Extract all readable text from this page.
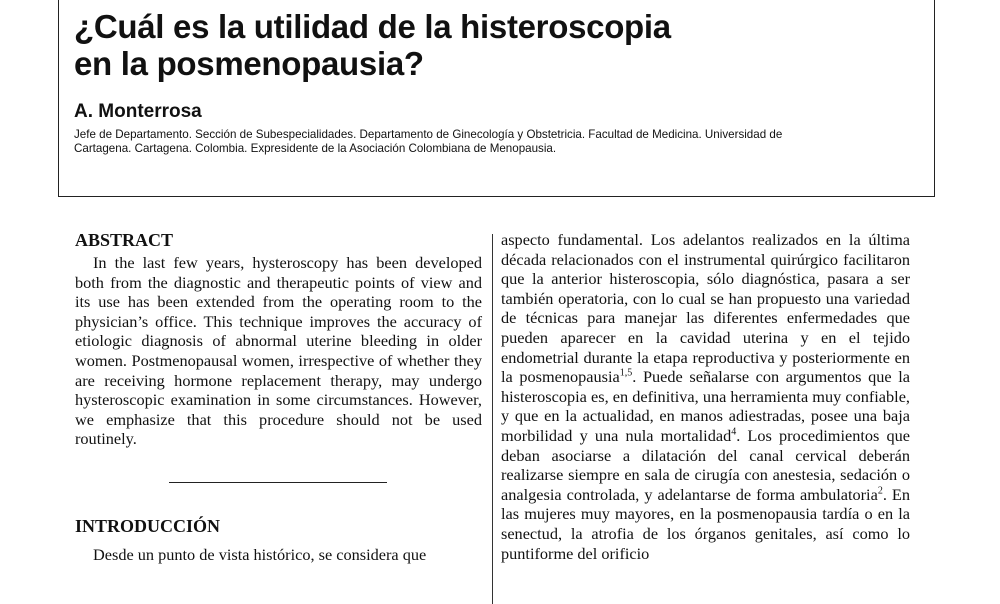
¿Cuál es la utilidad de la histeroscopia
en la posmenopausia?

A. Monterrosa

Jefe de Departamento. Sección de Subespecialidades. Departamento de Ginecología y Obstetricia. Facultad de Medicina. Universidad de
Cartagena. Cartagena. Colombia. Expresidente de la Asociación Colombiana de Menopausia.

ABSTRACT

In the last few years, hysteroscopy has been developed both from the diagnostic and therapeutic points of view and its use has been extended from the operating room to the physician’s office. This technique improves the accuracy of etiologic diagnosis of abnormal uterine bleeding in older women. Postmenopausal women, irrespective of whether they are receiving hormone replacement therapy, may undergo hysteroscopic examination in some circumstances. However, we emphasize that this procedure should not be used routinely.

INTRODUCCIÓN

Desde un punto de vista histórico, se considera que

aspecto fundamental. Los adelantos realizados en la última década relacionados con el instrumental quirúrgico facilitaron que la anterior histeroscopia, sólo diagnóstica, pasara a ser también operatoria, con lo cual se han propuesto una variedad de técnicas para manejar las diferentes enfermedades que pueden aparecer en la cavidad uterina y en el tejido endometrial durante la etapa reproductiva y posteriormente en la posmenopausia$^{1,5}$. Puede señalarse con argumentos que la histeroscopia es, en definitiva, una herramienta muy confiable, y que en la actualidad, en manos adiestradas, posee una baja morbilidad y una nula mortalidad$^4$. Los procedimientos que deban asociarse a dilatación del canal cervical deberán realizarse siempre en sala de cirugía con anestesia, sedación o analgesia controlada, y adelantarse de forma ambulatoria$^2$. En las mujeres muy mayores, en la posmenopausia tardía o en la senectud, la atrofia de los órganos genitales, así como lo puntiforme del orificio
